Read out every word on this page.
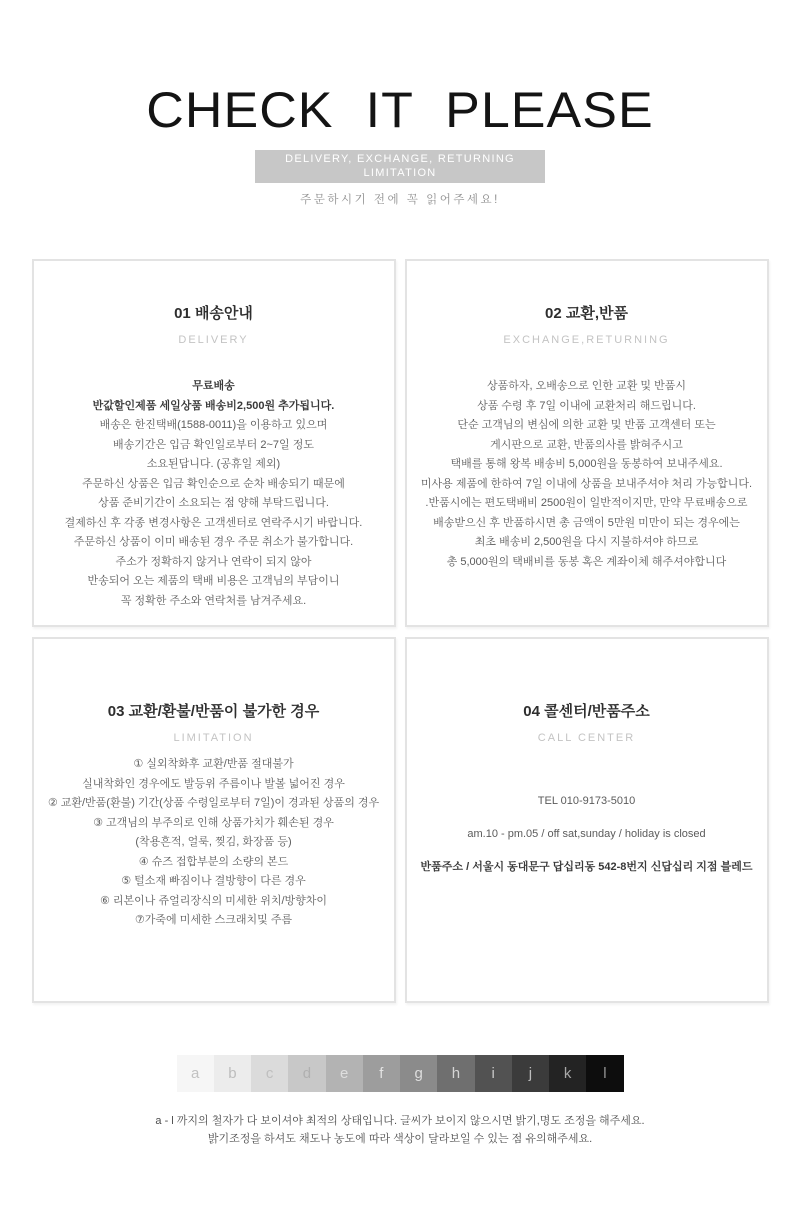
CHECK IT PLEASE
DELIVERY, EXCHANGE, RETURNING LIMITATION
주문하시기 전에 꼭 읽어주세요!
01 배송안내
DELIVERY
무료배송
반값할인제품 세일상품 배송비2,500원 추가됩니다.
배송은 한진택배(1588-0011)을 이용하고 있으며
배송기간은 입금 확인일로부터 2~7일 정도
소요된답니다. (공휴일 제외)
주문하신 상품은 입금 확인순으로 순차 배송되기 때문에
상품 준비기간이 소요되는 점 양해 부탁드립니다.
결제하신 후 각종 변경사항은 고객센터로 연락주시기 바랍니다.
주문하신 상품이 이미 배송된 경우 주문 취소가 불가합니다.
주소가 정확하지 않거나 연락이 되지 않아
반송되어 오는 제품의 택배 비용은 고객님의 부담이니
꼭 정확한 주소와 연락처를 남겨주세요.
02 교환,반품
EXCHANGE,RETURNING
상품하자, 오배송으로 인한 교환 및 반품시
상품 수령 후 7일 이내에 교환처리 해드립니다.
단순 고객님의 변심에 의한 교환 및 반품 고객센터 또는
게시판으로 교환, 반품의사를 밝혀주시고
택배를 통해 왕복 배송비 5,000원을 동봉하여 보내주세요.
미사용 제품에 한하여 7일 이내에 상품을 보내주셔야 처리 가능합니다.
.반품시에는 편도택배비 2500원이 일반적이지만, 만약 무료배송으로
배송받으신 후 반품하시면 총 금액이 5만원 미만이 되는 경우에는
최초 배송비 2,500원을 다시 지불하셔야 하므로
총 5,000원의 택배비를 동봉 혹은 계좌이체 해주셔야합니다
03 교환/환불/반품이 불가한 경우
LIMITATION
① 실외착화후 교환/반품 절대불가
실내착화인 경우에도 발등위 주름이나 발볼 넓어진 경우
② 교환/반품(환불) 기간(상품 수령일로부터 7일)이 경과된 상품의 경우
③ 고객님의 부주의로 인해 상품가치가 훼손된 경우
(착용흔적, 얼룩, 찢김, 화장품 등)
④ 슈즈 접합부분의 소량의 본드
⑤ 털소재 빠짐이나 결방향이 다른 경우
⑥ 리본이나 쥬얼리장식의 미세한 위치/방향차이
⑦가죽에 미세한 스크래치및 주름
04 콜센터/반품주소
CALL CENTER
TEL 010-9173-5010
am.10 - pm.05 / off sat,sunday / holiday is closed
반품주소 / 서울시 동대문구 답십리동 542-8번지 신답십리 지점 블레드
a	b	c	d	e	f	g	h	i	j	k	l
a - l 까지의 철자가 다 보이셔야 최적의 상태입니다. 글씨가 보이지 않으시면 밝기,명도 조정을 해주세요.
밝기조정을 하셔도 채도나 농도에 따라 색상이 달라보일 수 있는 점 유의해주세요.
